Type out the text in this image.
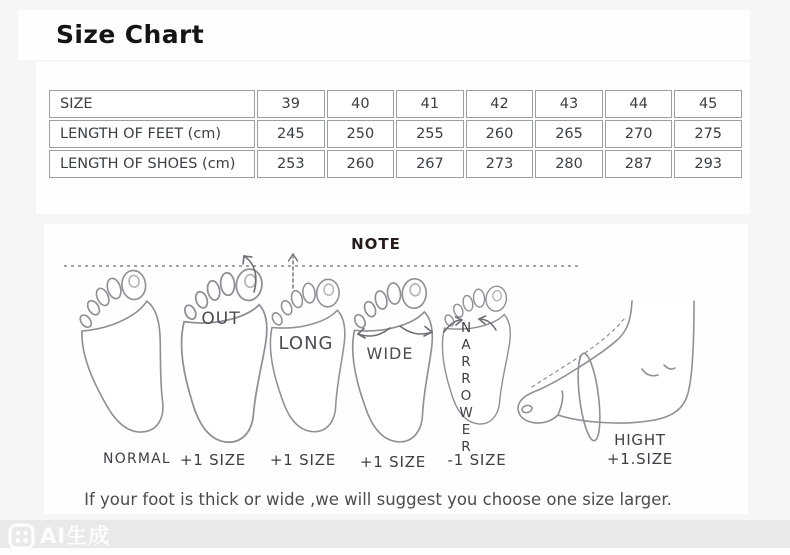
Size Chart
SIZE	39	40	41	42	43	44	45
LENGTH OF FEET (cm)	245	250	255	260	265	270	275
LENGTH OF SHOES (cm)	253	260	267	273	280	287	293
NOTE
OUT
LONG	WIDE	NARROWER
NORMAL +1 SIZE	+1 SIZE	+1 SIZE	-1 SIZE
HIGHT
+1.SIZE
If your foot is thick or wide ,we will suggest you choose one size larger.
AI生成
